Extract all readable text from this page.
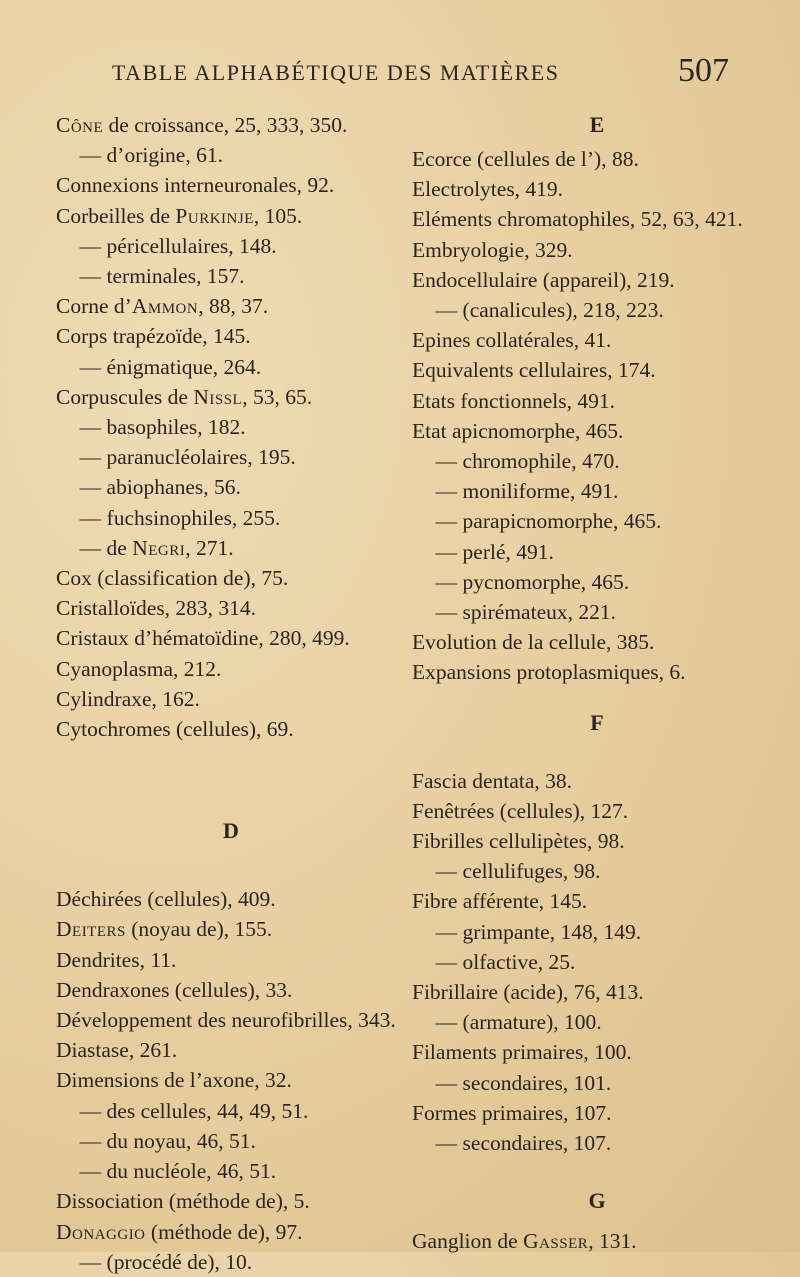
TABLE ALPHABÉTIQUE DES MATIÈRES	507
Cône de croissance, 25, 333, 350.
— d’origine, 61.
Connexions interneuronales, 92.
Corbeilles de Purkinje, 105.
— péricellulaires, 148.
— terminales, 157.
Corne d’Ammon, 88, 37.
Corps trapézoïde, 145.
— énigmatique, 264.
Corpuscules de Nissl, 53, 65.
— basophiles, 182.
— paranucléolaires, 195.
— abiophanes, 56.
— fuchsinophiles, 255.
— de Negri, 271.
Cox (classification de), 75.
Cristalloïdes, 283, 314.
Cristaux d’hématoïdine, 280, 499.
Cyanoplasma, 212.
Cylindraxe, 162.
Cytochromes (cellules), 69.
D
Déchirées (cellules), 409.
Deiters (noyau de), 155.
Dendrites, 11.
Dendraxones (cellules), 33.
Développement des neurofibrilles, 343.
Diastase, 261.
Dimensions de l’axone, 32.
— des cellules, 44, 49, 51.
— du noyau, 46, 51.
— du nucléole, 46, 51.
Dissociation (méthode de), 5.
Donaggio (méthode de), 97.
— (procédé de), 10.
E
Ecorce (cellules de l’), 88.
Electrolytes, 419.
Eléments chromatophiles, 52, 63, 421.
Embryologie, 329.
Endocellulaire (appareil), 219.
— (canalicules), 218, 223.
Epines collatérales, 41.
Equivalents cellulaires, 174.
Etats fonctionnels, 491.
Etat apicnomorphe, 465.
— chromophile, 470.
— moniliforme, 491.
— parapicnomorphe, 465.
— perlé, 491.
— pycnomorphe, 465.
— spirémateux, 221.
Evolution de la cellule, 385.
Expansions protoplasmiques, 6.
F
Fascia dentata, 38.
Fenêtrées (cellules), 127.
Fibrilles cellulipètes, 98.
— cellulifuges, 98.
Fibre afférente, 145.
— grimpante, 148, 149.
— olfactive, 25.
Fibrillaire (acide), 76, 413.
— (armature), 100.
Filaments primaires, 100.
— secondaires, 101.
Formes primaires, 107.
— secondaires, 107.
G
Ganglion de Gasser, 131.
